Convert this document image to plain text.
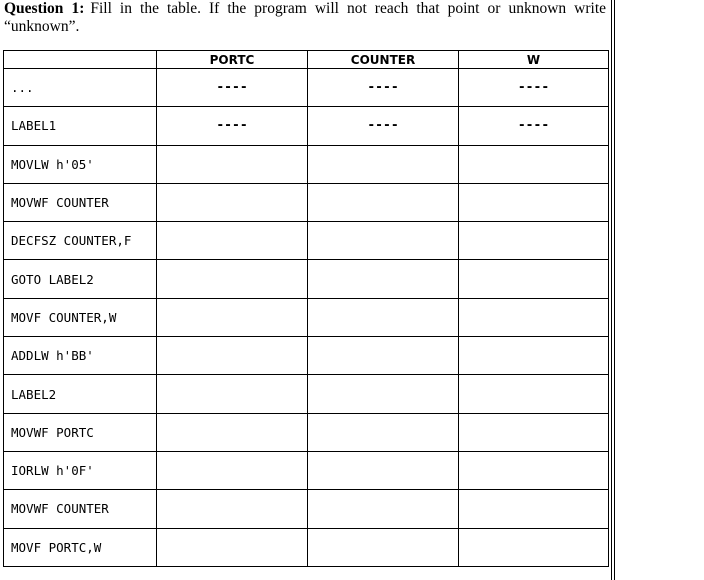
Question 1: Fill in the table. If the program will not reach that point or unknown write “unknown”.
	PORTC	COUNTER	W
...	----	----	----
LABEL1	----	----	----
MOVLW h'05'			
MOVWF COUNTER			
DECFSZ COUNTER,F			
GOTO LABEL2			
MOVF COUNTER,W			
ADDLW h'BB'			
LABEL2			
MOVWF PORTC			
IORLW h'0F'			
MOVWF COUNTER			
MOVF PORTC,W			
